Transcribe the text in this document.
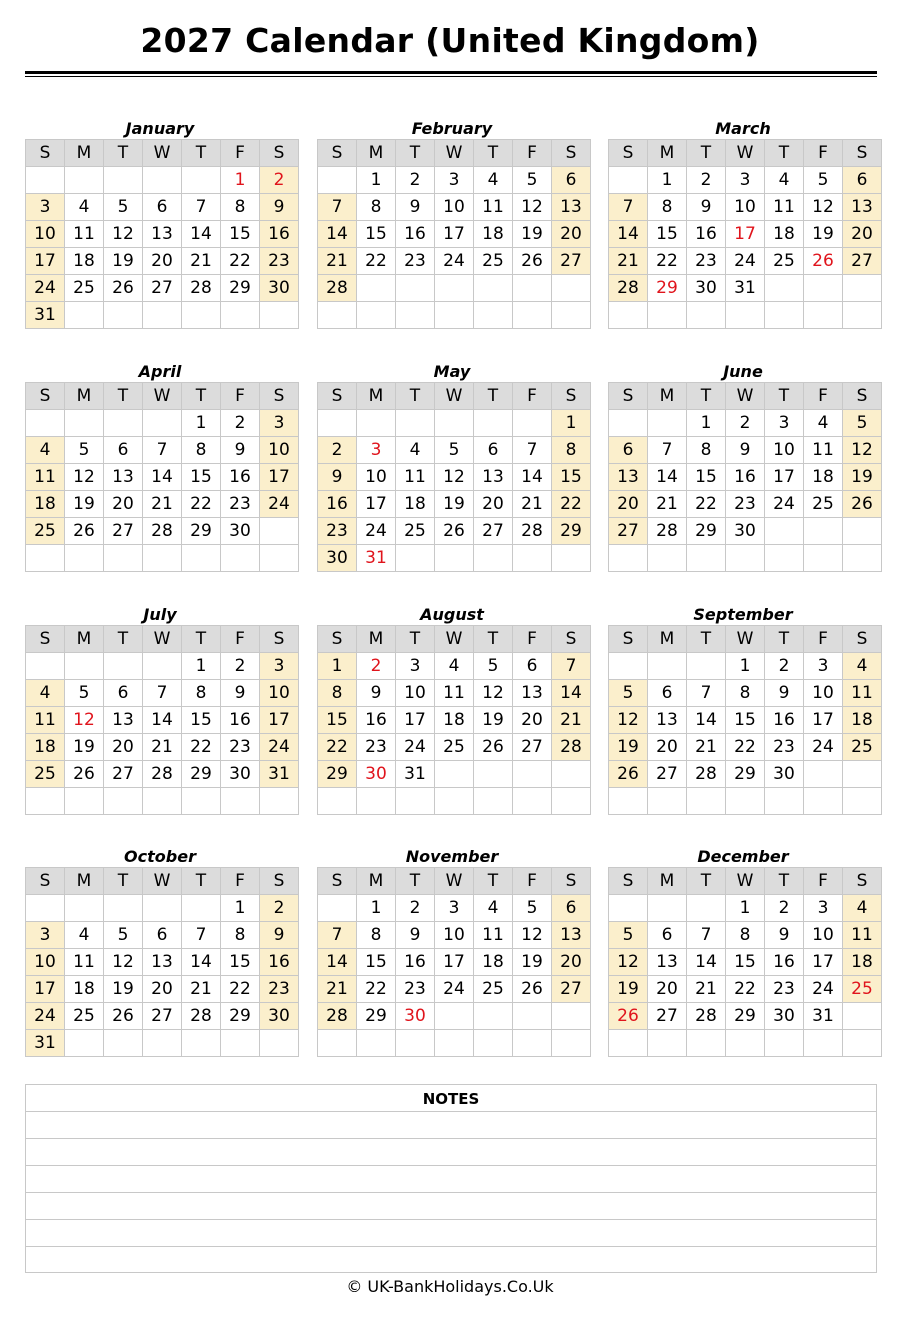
2027 Calendar (United Kingdom)
January
S	M	T	W	T	F	S
					1	2
3	4	5	6	7	8	9
10	11	12	13	14	15	16
17	18	19	20	21	22	23
24	25	26	27	28	29	30
31						
February
S	M	T	W	T	F	S
	1	2	3	4	5	6
7	8	9	10	11	12	13
14	15	16	17	18	19	20
21	22	23	24	25	26	27
28						

March
S	M	T	W	T	F	S
	1	2	3	4	5	6
7	8	9	10	11	12	13
14	15	16	17	18	19	20
21	22	23	24	25	26	27
28	29	30	31			

April
S	M	T	W	T	F	S
				1	2	3
4	5	6	7	8	9	10
11	12	13	14	15	16	17
18	19	20	21	22	23	24
25	26	27	28	29	30	

May
S	M	T	W	T	F	S
						1
2	3	4	5	6	7	8
9	10	11	12	13	14	15
16	17	18	19	20	21	22
23	24	25	26	27	28	29
30	31					
June
S	M	T	W	T	F	S
		1	2	3	4	5
6	7	8	9	10	11	12
13	14	15	16	17	18	19
20	21	22	23	24	25	26
27	28	29	30			

July
S	M	T	W	T	F	S
				1	2	3
4	5	6	7	8	9	10
11	12	13	14	15	16	17
18	19	20	21	22	23	24
25	26	27	28	29	30	31

August
S	M	T	W	T	F	S
1	2	3	4	5	6	7
8	9	10	11	12	13	14
15	16	17	18	19	20	21
22	23	24	25	26	27	28
29	30	31				

September
S	M	T	W	T	F	S
			1	2	3	4
5	6	7	8	9	10	11
12	13	14	15	16	17	18
19	20	21	22	23	24	25
26	27	28	29	30		

October
S	M	T	W	T	F	S
					1	2
3	4	5	6	7	8	9
10	11	12	13	14	15	16
17	18	19	20	21	22	23
24	25	26	27	28	29	30
31						
November
S	M	T	W	T	F	S
	1	2	3	4	5	6
7	8	9	10	11	12	13
14	15	16	17	18	19	20
21	22	23	24	25	26	27
28	29	30				

December
S	M	T	W	T	F	S
			1	2	3	4
5	6	7	8	9	10	11
12	13	14	15	16	17	18
19	20	21	22	23	24	25
26	27	28	29	30	31	

NOTES
© UK-BankHolidays.Co.Uk
